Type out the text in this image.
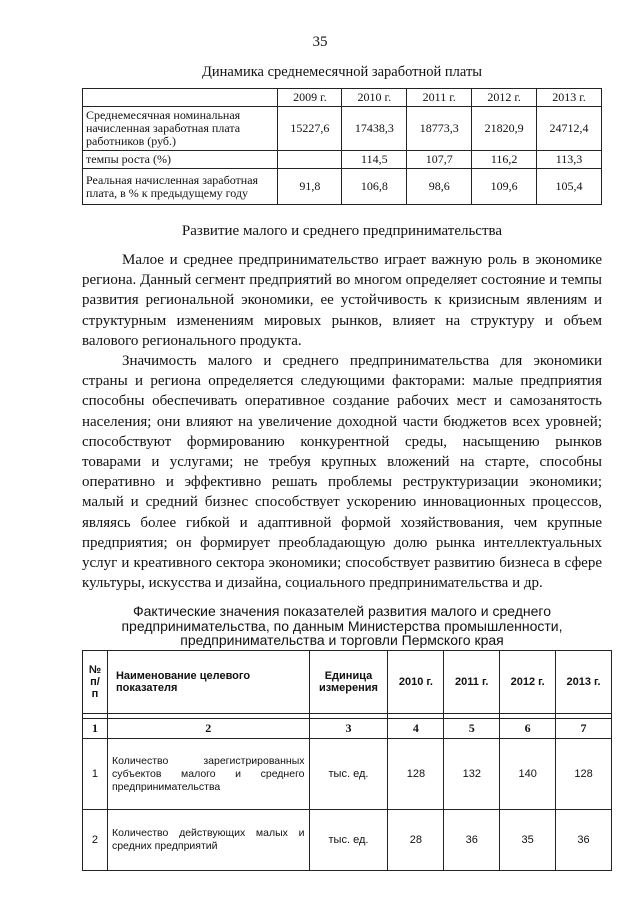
35
Динамика среднемесячной заработной платы
	2009 г.	2010 г.	2011 г.	2012 г.	2013 г.
Среднемесячная номинальная начисленная заработная плата работников (руб.)	15227,6	17438,3	18773,3	21820,9	24712,4
темпы роста (%)		114,5	107,7	116,2	113,3
Реальная начисленная заработная плата, в % к предыдущему году	91,8	106,8	98,6	109,6	105,4
Развитие малого и среднего предпринимательства

Малое и среднее предпринимательство играет важную роль в экономике региона. Данный сегмент предприятий во многом определяет состояние и темпы развития региональной экономики, ее устойчивость к кризисным явлениям и структурным изменениям мировых рынков, влияет на структуру и объем валового регионального продукта.

Значимость малого и среднего предпринимательства для экономики страны и региона определяется следующими факторами: малые предприятия способны обеспечивать оперативное создание рабочих мест и самозанятость населения; они влияют на увеличение доходной части бюджетов всех уровней; способствуют формированию конкурентной среды, насыщению рынков товарами и услугами; не требуя крупных вложений на старте, способны оперативно и эффективно решать проблемы реструктуризации экономики; малый и средний бизнес способствует ускорению инновационных процессов, являясь более гибкой и адаптивной формой хозяйствования, чем крупные предприятия; он формирует преобладающую долю рынка интеллектуальных услуг и креативного сектора экономики; способствует развитию бизнеса в сфере культуры, искусства и дизайна, социального предпринимательства и др.

Фактические значения показателей развития малого и среднего предпринимательства, по данным Министерства промышленности, предпринимательства и торговли Пермского края
№ п/п	Наименование целевого показателя	Единица измерения	2010 г.	2011 г.	2012 г.	2013 г.

1	2	3	4	5	6	7
1	Количество зарегистрированных субъектов малого и среднего предпринимательства	тыс. ед.	128	132	140	128
2	Количество действующих малых и средних предприятий	тыс. ед.	28	36	35	36
